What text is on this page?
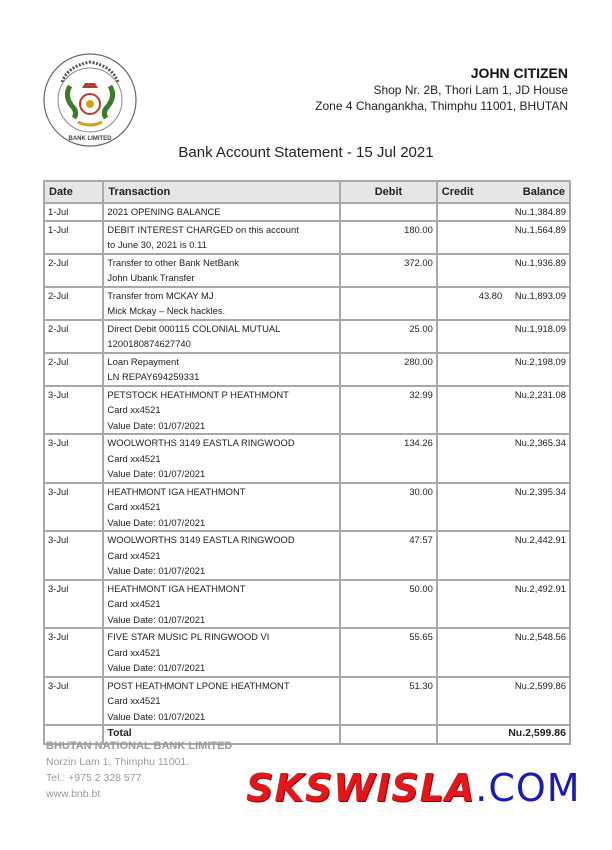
BANK LIMITED
JOHN CITIZEN
Shop Nr. 2B, Thori Lam 1, JD House
Zone 4 Changankha, Thimphu 11001, BHUTAN
Bank Account Statement - 15 Jul 2021
Date	Transaction	Debit	Credit	Balance
1-Jul	2021 OPENING BALANCE			Nu.1,384.89
1-Jul	DEBIT INTEREST CHARGED on this account
to June 30, 2021 is 0.11	180.00		Nu.1,564.89
2-Jul	Transfer to other Bank NetBank
John Ubank Transfer	372.00		Nu.1,936.89
2-Jul	Transfer from MCKAY MJ
Mick Mckay – Neck hackles.		43.80	Nu.1,893.09
2-Jul	Direct Debit 000115 COLONIAL MUTUAL
1200180874627740	25.00		Nu.1,918.09
2-Jul	Loan Repayment
LN REPAY694259331	280.00		Nu.2,198.09
3-Jul	PETSTOCK HEATHMONT P HEATHMONT
Card xx4521
Value Date: 01/07/2021	32.99		Nu.2,231.08
3-Jul	WOOLWORTHS 3149 EASTLA RINGWOOD
Card xx4521
Value Date: 01/07/2021	134.26		Nu.2,365.34
3-Jul	HEATHMONT IGA HEATHMONT
Card xx4521
Value Date: 01/07/2021	30.00		Nu.2,395.34
3-Jul	WOOLWORTHS 3149 EASTLA RINGWOOD
Card xx4521
Value Date: 01/07/2021	47.57		Nu.2,442.91
3-Jul	HEATHMONT IGA HEATHMONT
Card xx4521
Value Date: 01/07/2021	50.00		Nu.2,492.91
3-Jul	FIVE STAR MUSIC PL RINGWOOD VI
Card xx4521
Value Date: 01/07/2021	55.65		Nu.2,548.56
3-Jul	POST HEATHMONT LPONE HEATHMONT
Card xx4521
Value Date: 01/07/2021	51.30		Nu.2,599.86
	Total			Nu.2,599.86
BHUTAN NATIONAL BANK LIMITED
Norzin Lam 1, Thimphu 11001.
Tel.: +975 2 328 577
www.bnb.bt	SKSWISLA.COM
